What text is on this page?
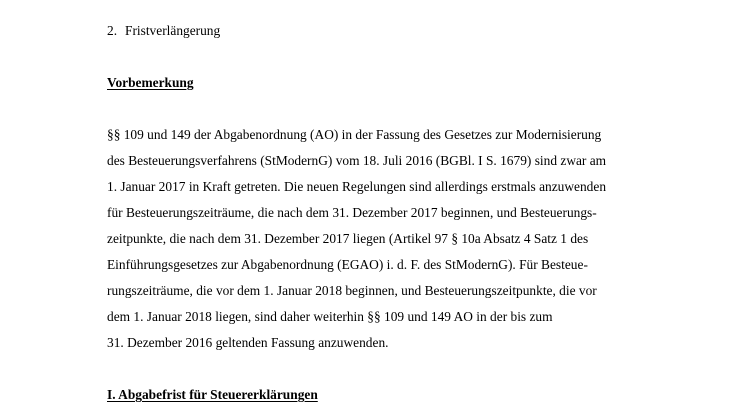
2. Fristverlängerung
Vorbemerkung
§§ 109 und 149 der Abgabenordnung (AO) in der Fassung des Gesetzes zur Modernisierung
des Besteuerungsverfahrens (StModernG) vom 18. Juli 2016 (BGBl. I S. 1679) sind zwar am
1. Januar 2017 in Kraft getreten. Die neuen Regelungen sind allerdings erstmals anzuwenden
für Besteuerungszeiträume, die nach dem 31. Dezember 2017 beginnen, und Besteuerungs-
zeitpunkte, die nach dem 31. Dezember 2017 liegen (Artikel 97 § 10a Absatz 4 Satz 1 des
Einführungsgesetzes zur Abgabenordnung (EGAO) i. d. F. des StModernG). Für Besteue-
rungszeiträume, die vor dem 1. Januar 2018 beginnen, und Besteuerungszeitpunkte, die vor
dem 1. Januar 2018 liegen, sind daher weiterhin §§ 109 und 149 AO in der bis zum
31. Dezember 2016 geltenden Fassung anzuwenden.
I. Abgabefrist für Steuererklärungen
